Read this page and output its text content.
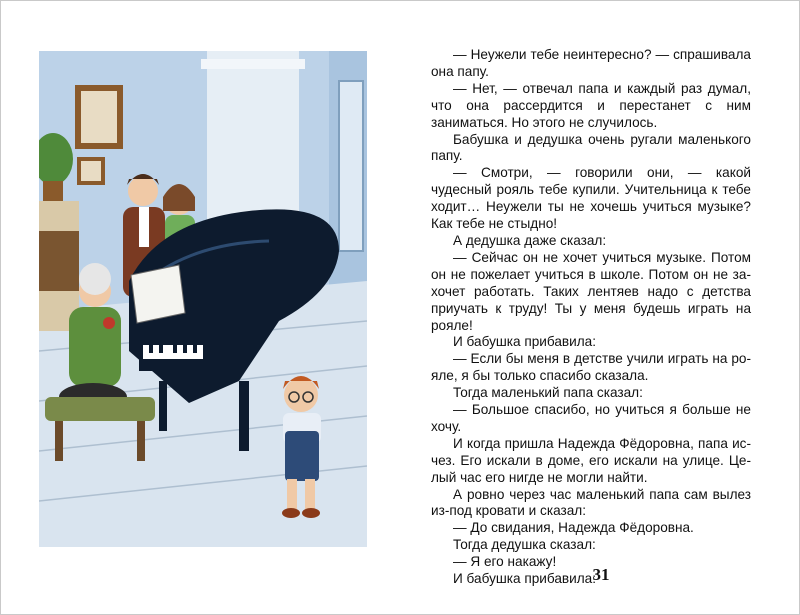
— Неужели тебе неинтересно? — спрашивала она папу.

— Нет, — отвечал папа и каждый раз думал, что она рассердится и перестанет с ним заниматься. Но этого не случилось.

Бабушка и дедушка очень ругали маленького папу.

— Смотри, — говорили они, — какой чудесный рояль тебе купили. Учительница к тебе ходит… Неужели ты не хочешь учиться музыке? Как тебе не стыдно!

А дедушка даже сказал:

— Сейчас он не хочет учиться музыке. Потом он не пожелает учиться в школе. Потом он не захочет работать. Таких лентяев надо с детства приучать к труду! Ты у меня будешь играть на рояле!

И бабушка прибавила:

— Если бы меня в детстве учили играть на рояле, я бы только спасибо сказала.

Тогда маленький папа сказал:

— Большое спасибо, но учиться я больше не хочу.

И когда пришла Надежда Фёдоровна, папа исчез. Его искали в доме, его искали на улице. Целый час его нигде не могли найти.

А ровно через час маленький папа сам вылез из-под кровати и сказал:

— До свидания, Надежда Фёдоровна.

Тогда дедушка сказал:

— Я его накажу!

И бабушка прибавила:

31
